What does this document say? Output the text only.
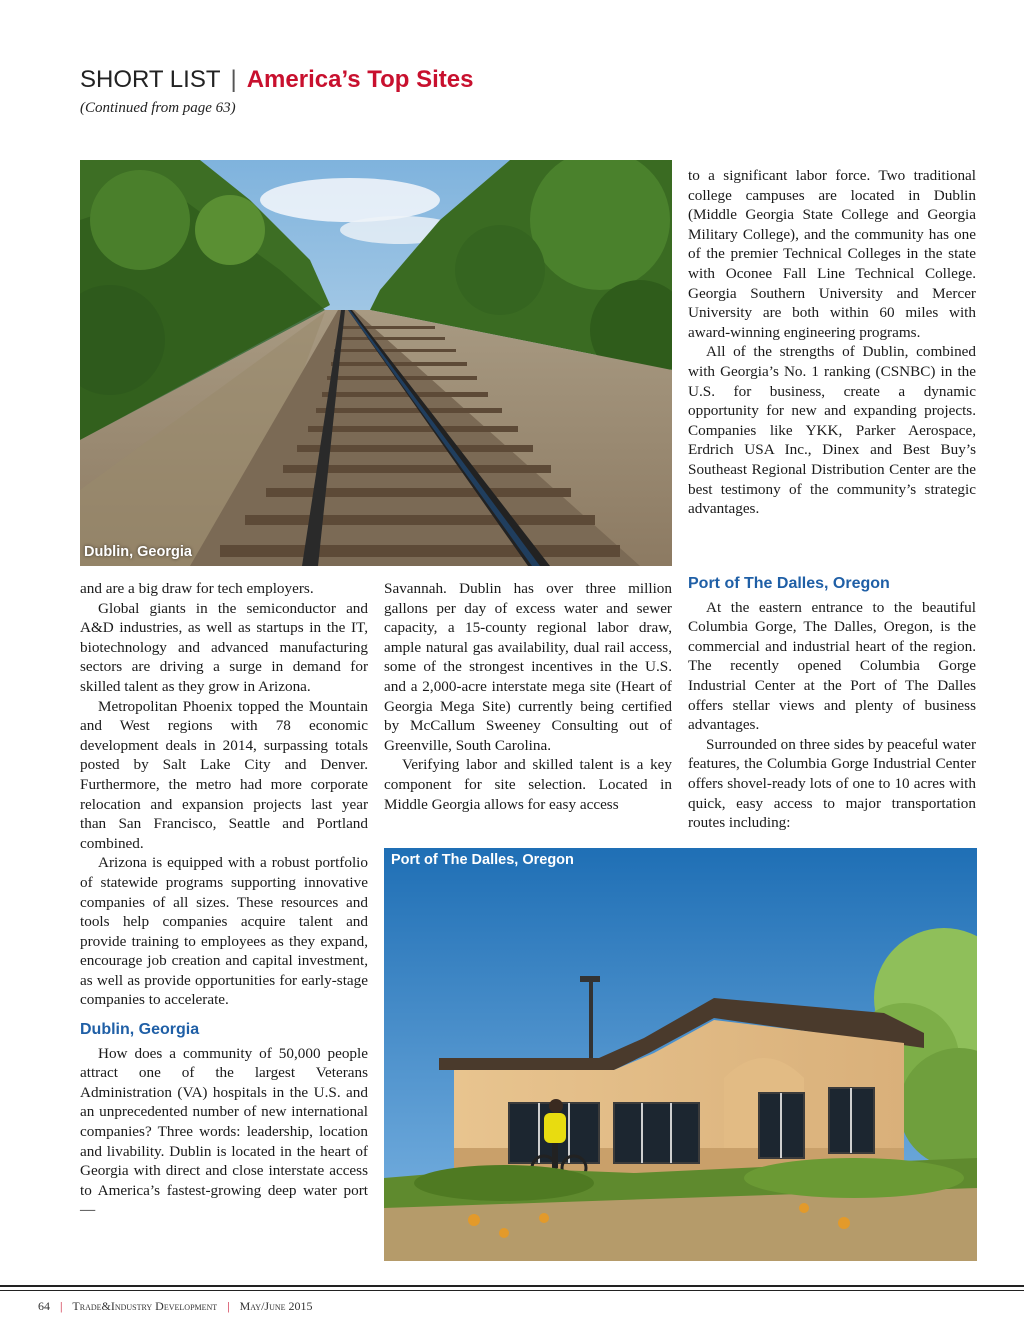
SHORT LIST | America’s Top Sites
(Continued from page 63)
Dublin, Georgia

to a significant labor force. Two traditional college campuses are located in Dublin (Middle Georgia State College and Georgia Military College), and the community has one of the premier Technical Colleges in the state with Oconee Fall Line Technical College. Georgia Southern University and Mercer University are both within 60 miles with award-winning engineering programs.

All of the strengths of Dublin, combined with Georgia’s No. 1 ranking (CSNBC) in the U.S. for business, create a dynamic opportunity for new and expanding projects. Companies like YKK, Parker Aerospace, Erdrich USA Inc., Dinex and Best Buy’s Southeast Regional Distribution Center are the best testimony of the community’s strategic advantages.

and are a big draw for tech employers.

Global giants in the semiconductor and A&D industries, as well as startups in the IT, biotechnology and advanced manufacturing sectors are driving a surge in demand for skilled talent as they grow in Arizona.

Metropolitan Phoenix topped the Mountain and West regions with 78 economic development deals in 2014, surpassing totals posted by Salt Lake City and Denver. Furthermore, the metro had more corporate relocation and expansion projects last year than San Francisco, Seattle and Portland combined.

Arizona is equipped with a robust portfolio of statewide programs supporting innovative companies of all sizes. These resources and tools help companies acquire talent and provide training to employees as they expand, encourage job creation and capital investment, as well as provide opportunities for early-stage companies to accelerate.

Dublin, Georgia

How does a community of 50,000 people attract one of the largest Veterans Administration (VA) hospitals in the U.S. and an unprecedented number of new international companies? Three words: leadership, location and livability. Dublin is located in the heart of Georgia with direct and close interstate access to America’s fastest-growing deep water port —

Savannah. Dublin has over three million gallons per day of excess water and sewer capacity, a 15-county regional labor draw, ample natural gas availability, dual rail access, some of the strongest incentives in the U.S. and a 2,000-acre interstate mega site (Heart of Georgia Mega Site) currently being certified by McCallum Sweeney Consulting out of Greenville, South Carolina.

Verifying labor and skilled talent is a key component for site selection. Located in Middle Georgia allows for easy access

Port of The Dalles, Oregon

At the eastern entrance to the beautiful Columbia Gorge, The Dalles, Oregon, is the commercial and industrial heart of the region. The recently opened Columbia Gorge Industrial Center at the Port of The Dalles offers stellar views and plenty of business advantages.

Surrounded on three sides by peaceful water features, the Columbia Gorge Industrial Center offers shovel-ready lots of one to 10 acres with quick, easy access to major transportation routes including:

Port of The Dalles, Oregon
64 | Trade&Industry Development | May/June 2015
